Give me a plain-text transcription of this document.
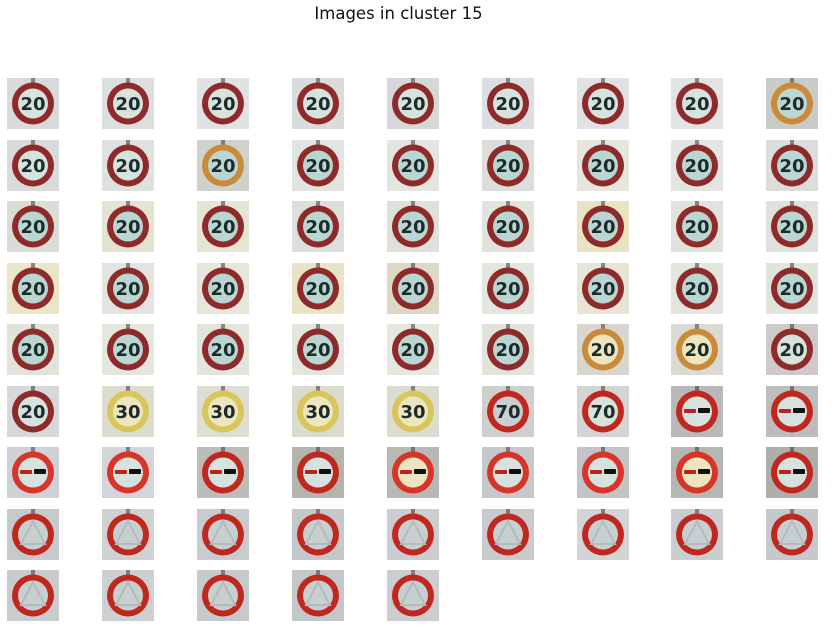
Images in cluster 15
20	20	20	20	20	20	20	20	20
20	20	20	20	20	20	20	20	20
20	20	20	20	20	20	20	20	20
20	20	20	20	20	20	20	20	20
20	20	20	20	20	20	20	20	20
20	30	30	30	30	70	70
